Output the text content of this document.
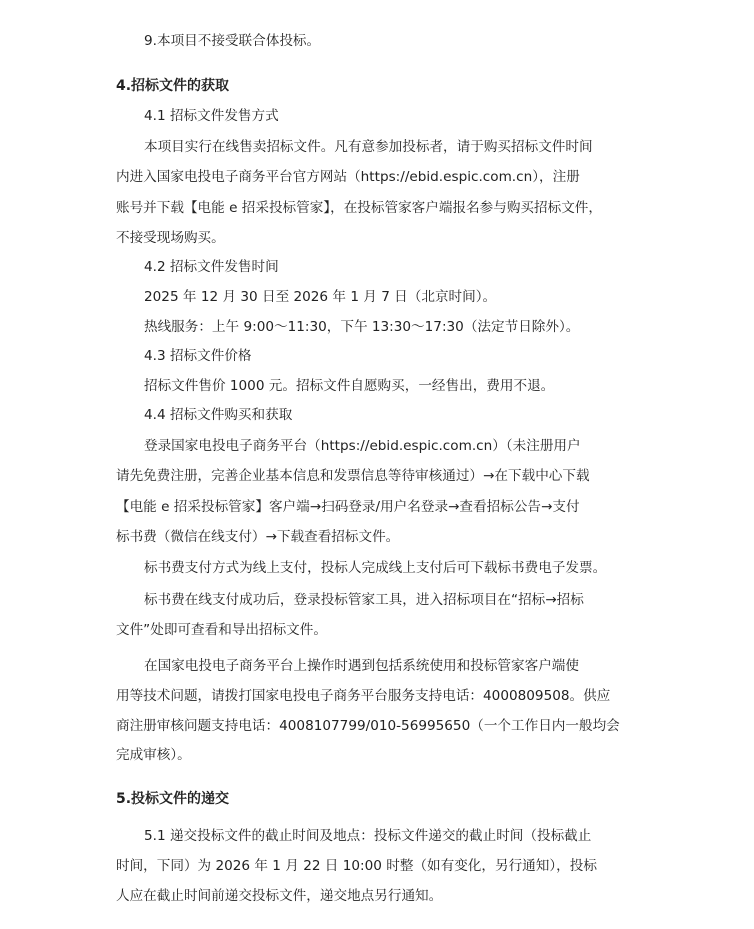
9.本项目不接受联合体投标。
4.招标文件的获取
4.1 招标文件发售方式
本项目实行在线售卖招标文件。凡有意参加投标者，请于购买招标文件时间
内进入国家电投电子商务平台官方网站（https://ebid.espic.com.cn），注册
账号并下载【电能 e 招采投标管家】，在投标管家客户端报名参与购买招标文件，
不接受现场购买。
4.2 招标文件发售时间
2025 年 12 月 30 日至 2026 年 1 月 7 日（北京时间）。
热线服务：上午 9:00～11:30，下午 13:30～17:30（法定节日除外）。
4.3 招标文件价格
招标文件售价 1000 元。招标文件自愿购买，一经售出，费用不退。
4.4 招标文件购买和获取
登录国家电投电子商务平台（https://ebid.espic.com.cn）（未注册用户
请先免费注册，完善企业基本信息和发票信息等待审核通过）→在下载中心下载
【电能 e 招采投标管家】客户端→扫码登录/用户名登录→查看招标公告→支付
标书费（微信在线支付）→下载查看招标文件。
标书费支付方式为线上支付，投标人完成线上支付后可下载标书费电子发票。
标书费在线支付成功后，登录投标管家工具，进入招标项目在“招标→招标
文件”处即可查看和导出招标文件。
在国家电投电子商务平台上操作时遇到包括系统使用和投标管家客户端使
用等技术问题，请拨打国家电投电子商务平台服务支持电话：4000809508。供应
商注册审核问题支持电话：4008107799/010-56995650（一个工作日内一般均会
完成审核）。
5.投标文件的递交
5.1 递交投标文件的截止时间及地点：投标文件递交的截止时间（投标截止
时间，下同）为 2026 年 1 月 22 日 10:00 时整（如有变化，另行通知），投标
人应在截止时间前递交投标文件，递交地点另行通知。
